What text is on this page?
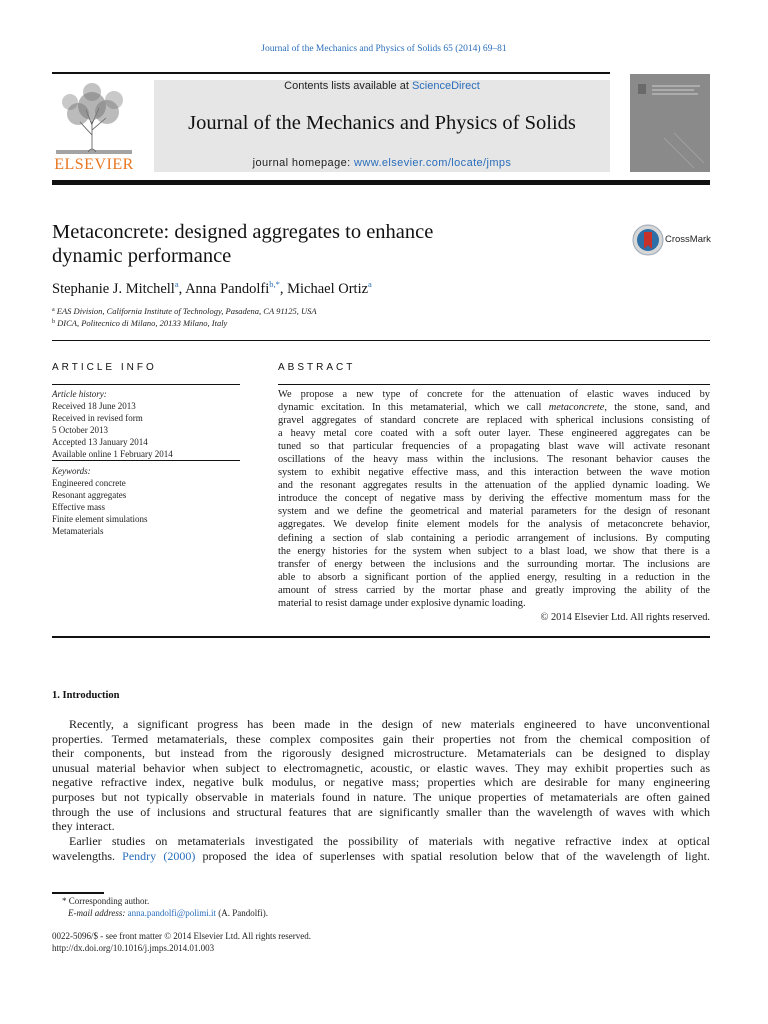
Journal of the Mechanics and Physics of Solids 65 (2014) 69–81
ELSEVIER
Contents lists available at ScienceDirect
Journal of the Mechanics and Physics of Solids
journal homepage: www.elsevier.com/locate/jmps
Metaconcrete: designed aggregates to enhance
dynamic performance
CrossMark
Stephanie J. Mitchell$^a$, Anna Pandolfi$^{b,*}$, Michael Ortiz$^a$
$^a$ EAS Division, California Institute of Technology, Pasadena, CA 91125, USA
$^b$ DICA, Politecnico di Milano, 20133 Milano, Italy
ARTICLE INFO
Article history:
Received 18 June 2013
Received in revised form
5 October 2013
Accepted 13 January 2014
Available online 1 February 2014
Keywords:
Engineered concrete
Resonant aggregates
Effective mass
Finite element simulations
Metamaterials
ABSTRACT
We propose a new type of concrete for the attenuation of elastic waves induced by
dynamic excitation. In this metamaterial, which we call metaconcrete, the stone, sand, and
gravel aggregates of standard concrete are replaced with spherical inclusions consisting of
a heavy metal core coated with a soft outer layer. These engineered aggregates can be
tuned so that particular frequencies of a propagating blast wave will activate resonant
oscillations of the heavy mass within the inclusions. The resonant behavior causes the
system to exhibit negative effective mass, and this interaction between the wave motion
and the resonant aggregates results in the attenuation of the applied dynamic loading. We
introduce the concept of negative mass by deriving the effective momentum mass for the
system and we define the geometrical and material parameters for the design of resonant
aggregates. We develop finite element models for the analysis of metaconcrete behavior,
defining a section of slab containing a periodic arrangement of inclusions. By computing
the energy histories for the system when subject to a blast load, we show that there is a
transfer of energy between the inclusions and the surrounding mortar. The inclusions are
able to absorb a significant portion of the applied energy, resulting in a reduction in the
amount of stress carried by the mortar phase and greatly improving the ability of the
material to resist damage under explosive dynamic loading.
© 2014 Elsevier Ltd. All rights reserved.
1. Introduction
Recently, a significant progress has been made in the design of new materials engineered to have unconventional
properties. Termed metamaterials, these complex composites gain their properties not from the chemical composition of
their components, but instead from the rigorously designed microstructure. Metamaterials can be designed to display
unusual material behavior when subject to electromagnetic, acoustic, or elastic waves. They may exhibit properties such as
negative refractive index, negative bulk modulus, or negative mass; properties which are desirable for many engineering
purposes but not typically observable in materials found in nature. The unique properties of metamaterials are often gained
through the use of inclusions and structural features that are significantly smaller than the wavelength of waves with which
they interact.
Earlier studies on metamaterials investigated the possibility of materials with negative refractive index at optical
wavelengths. Pendry (2000) proposed the idea of superlenses with spatial resolution below that of the wavelength of light.
* Corresponding author.
E-mail address: anna.pandolfi@polimi.it (A. Pandolfi).
0022-5096/$ - see front matter © 2014 Elsevier Ltd. All rights reserved.
http://dx.doi.org/10.1016/j.jmps.2014.01.003
